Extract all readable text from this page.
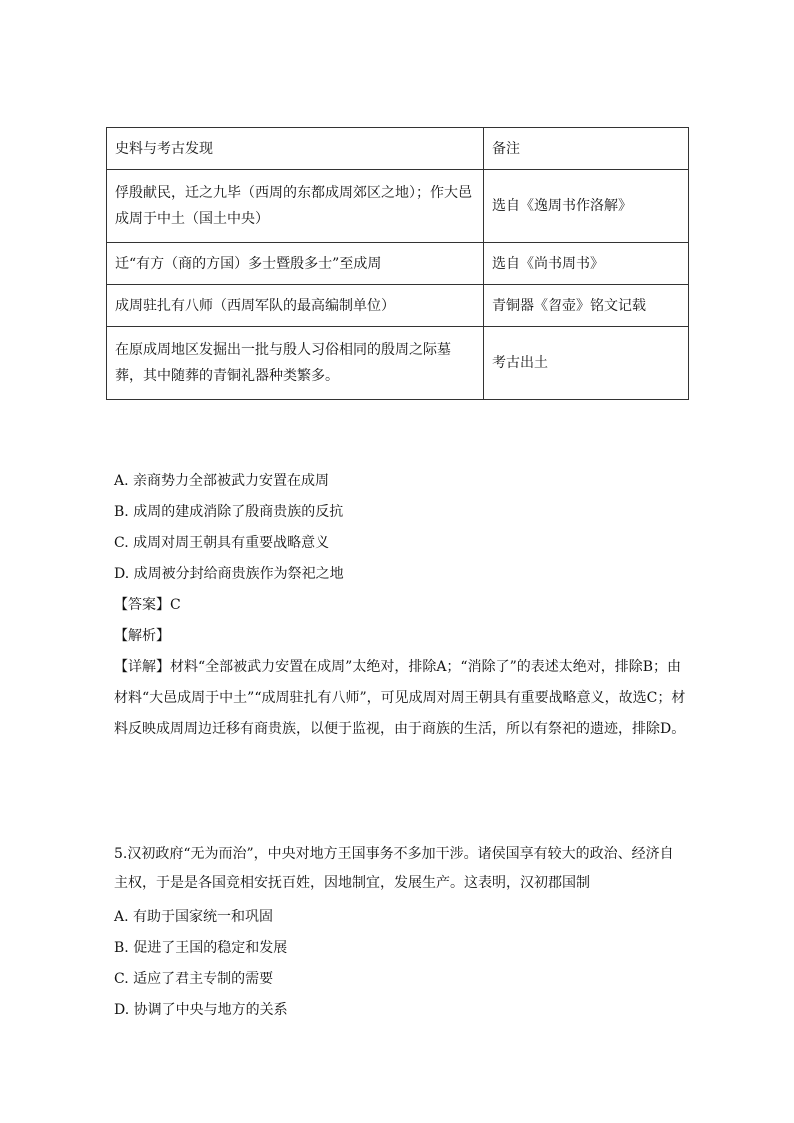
史料与考古发现	备注
俘殷献民，迁之九毕（西周的东都成周郊区之地）；作大邑成周于中土（国土中央）	选自《逸周书作洛解》
迁“有方（商的方国）多士暨殷多士”至成周	选自《尚书周书》
成周驻扎有八师（西周军队的最高编制单位）	青铜器《曶壶》铭文记载
在原成周地区发掘出一批与殷人习俗相同的殷周之际墓葬，其中随葬的青铜礼器种类繁多。	考古出土
A. 亲商势力全部被武力安置在成周
B. 成周的建成消除了殷商贵族的反抗
C. 成周对周王朝具有重要战略意义
D. 成周被分封给商贵族作为祭祀之地
【答案】C
【解析】
【详解】材料“全部被武力安置在成周”太绝对，排除A；“消除了”的表述太绝对，排除B；由材料“大邑成周于中土”“成周驻扎有八师”，可见成周对周王朝具有重要战略意义，故选C；材料反映成周周边迁移有商贵族，以便于监视，由于商族的生活，所以有祭祀的遗迹，排除D。
5.汉初政府“无为而治”，中央对地方王国事务不多加干涉。诸侯国享有较大的政治、经济自主权，于是是各国竞相安抚百姓，因地制宜，发展生产。这表明，汉初郡国制
A. 有助于国家统一和巩固
B. 促进了王国的稳定和发展
C. 适应了君主专制的需要
D. 协调了中央与地方的关系
